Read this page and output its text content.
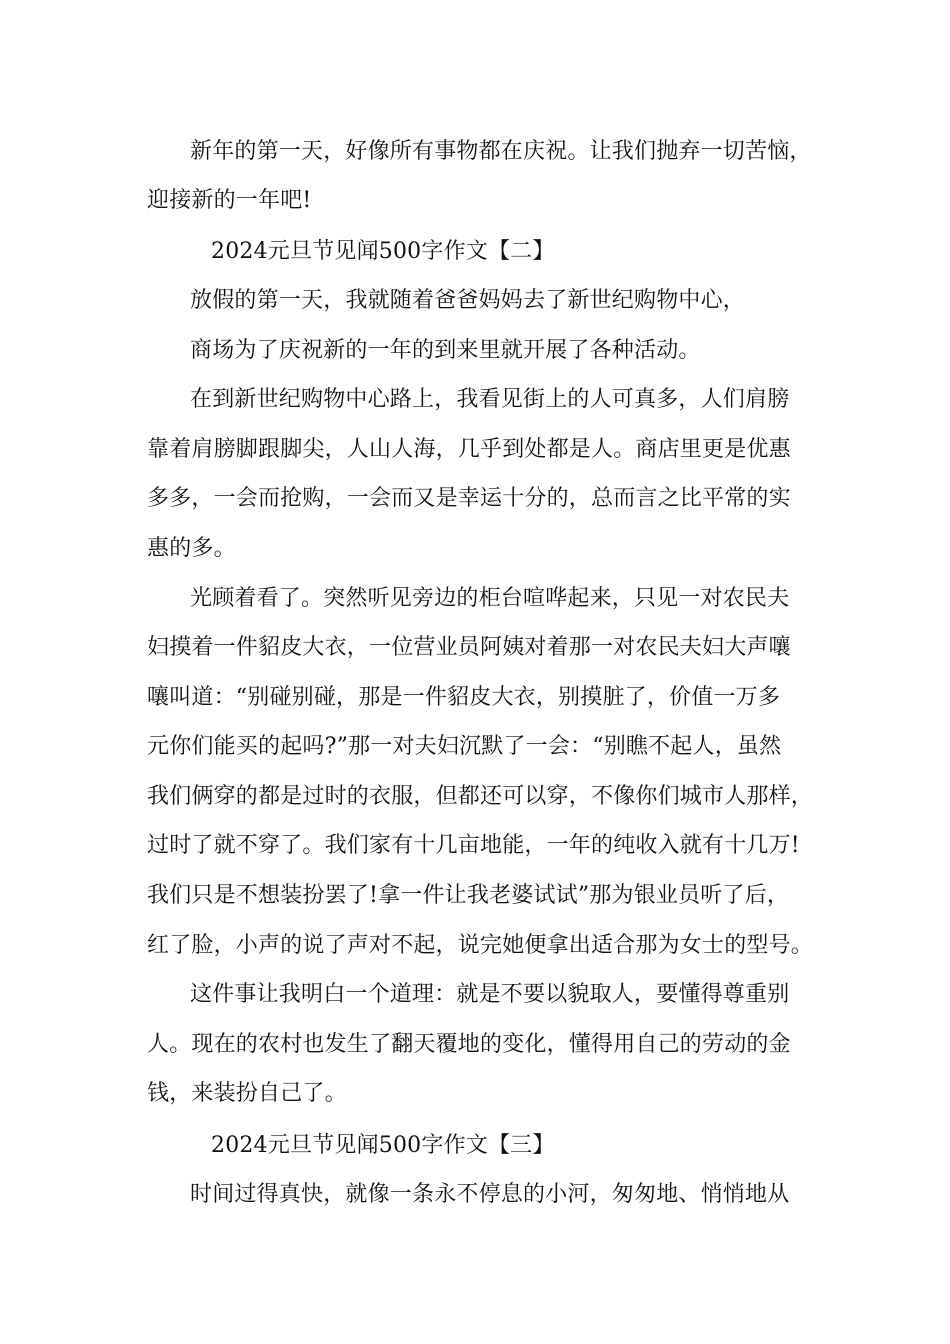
新年的第一天，好像所有事物都在庆祝。让我们抛弃一切苦恼，
迎接新的一年吧!
2024元旦节见闻500字作文【二】
放假的第一天，我就随着爸爸妈妈去了新世纪购物中心，
商场为了庆祝新的一年的到来里就开展了各种活动。
在到新世纪购物中心路上，我看见街上的人可真多，人们肩膀
靠着肩膀脚跟脚尖，人山人海，几乎到处都是人。商店里更是优惠
多多，一会而抢购，一会而又是幸运十分的，总而言之比平常的实
惠的多。
光顾着看了。突然听见旁边的柜台喧哗起来，只见一对农民夫
妇摸着一件貂皮大衣，一位营业员阿姨对着那一对农民夫妇大声嚷
嚷叫道：“别碰别碰，那是一件貂皮大衣，别摸脏了，价值一万多
元你们能买的起吗?”那一对夫妇沉默了一会：“别瞧不起人，虽然
我们俩穿的都是过时的衣服，但都还可以穿，不像你们城市人那样，
过时了就不穿了。我们家有十几亩地能，一年的纯收入就有十几万!
我们只是不想装扮罢了!拿一件让我老婆试试”那为银业员听了后，
红了脸，小声的说了声对不起，说完她便拿出适合那为女士的型号。
这件事让我明白一个道理：就是不要以貌取人，要懂得尊重别
人。现在的农村也发生了翻天覆地的变化，懂得用自己的劳动的金
钱，来装扮自己了。
2024元旦节见闻500字作文【三】
时间过得真快，就像一条永不停息的小河，匆匆地、悄悄地从
